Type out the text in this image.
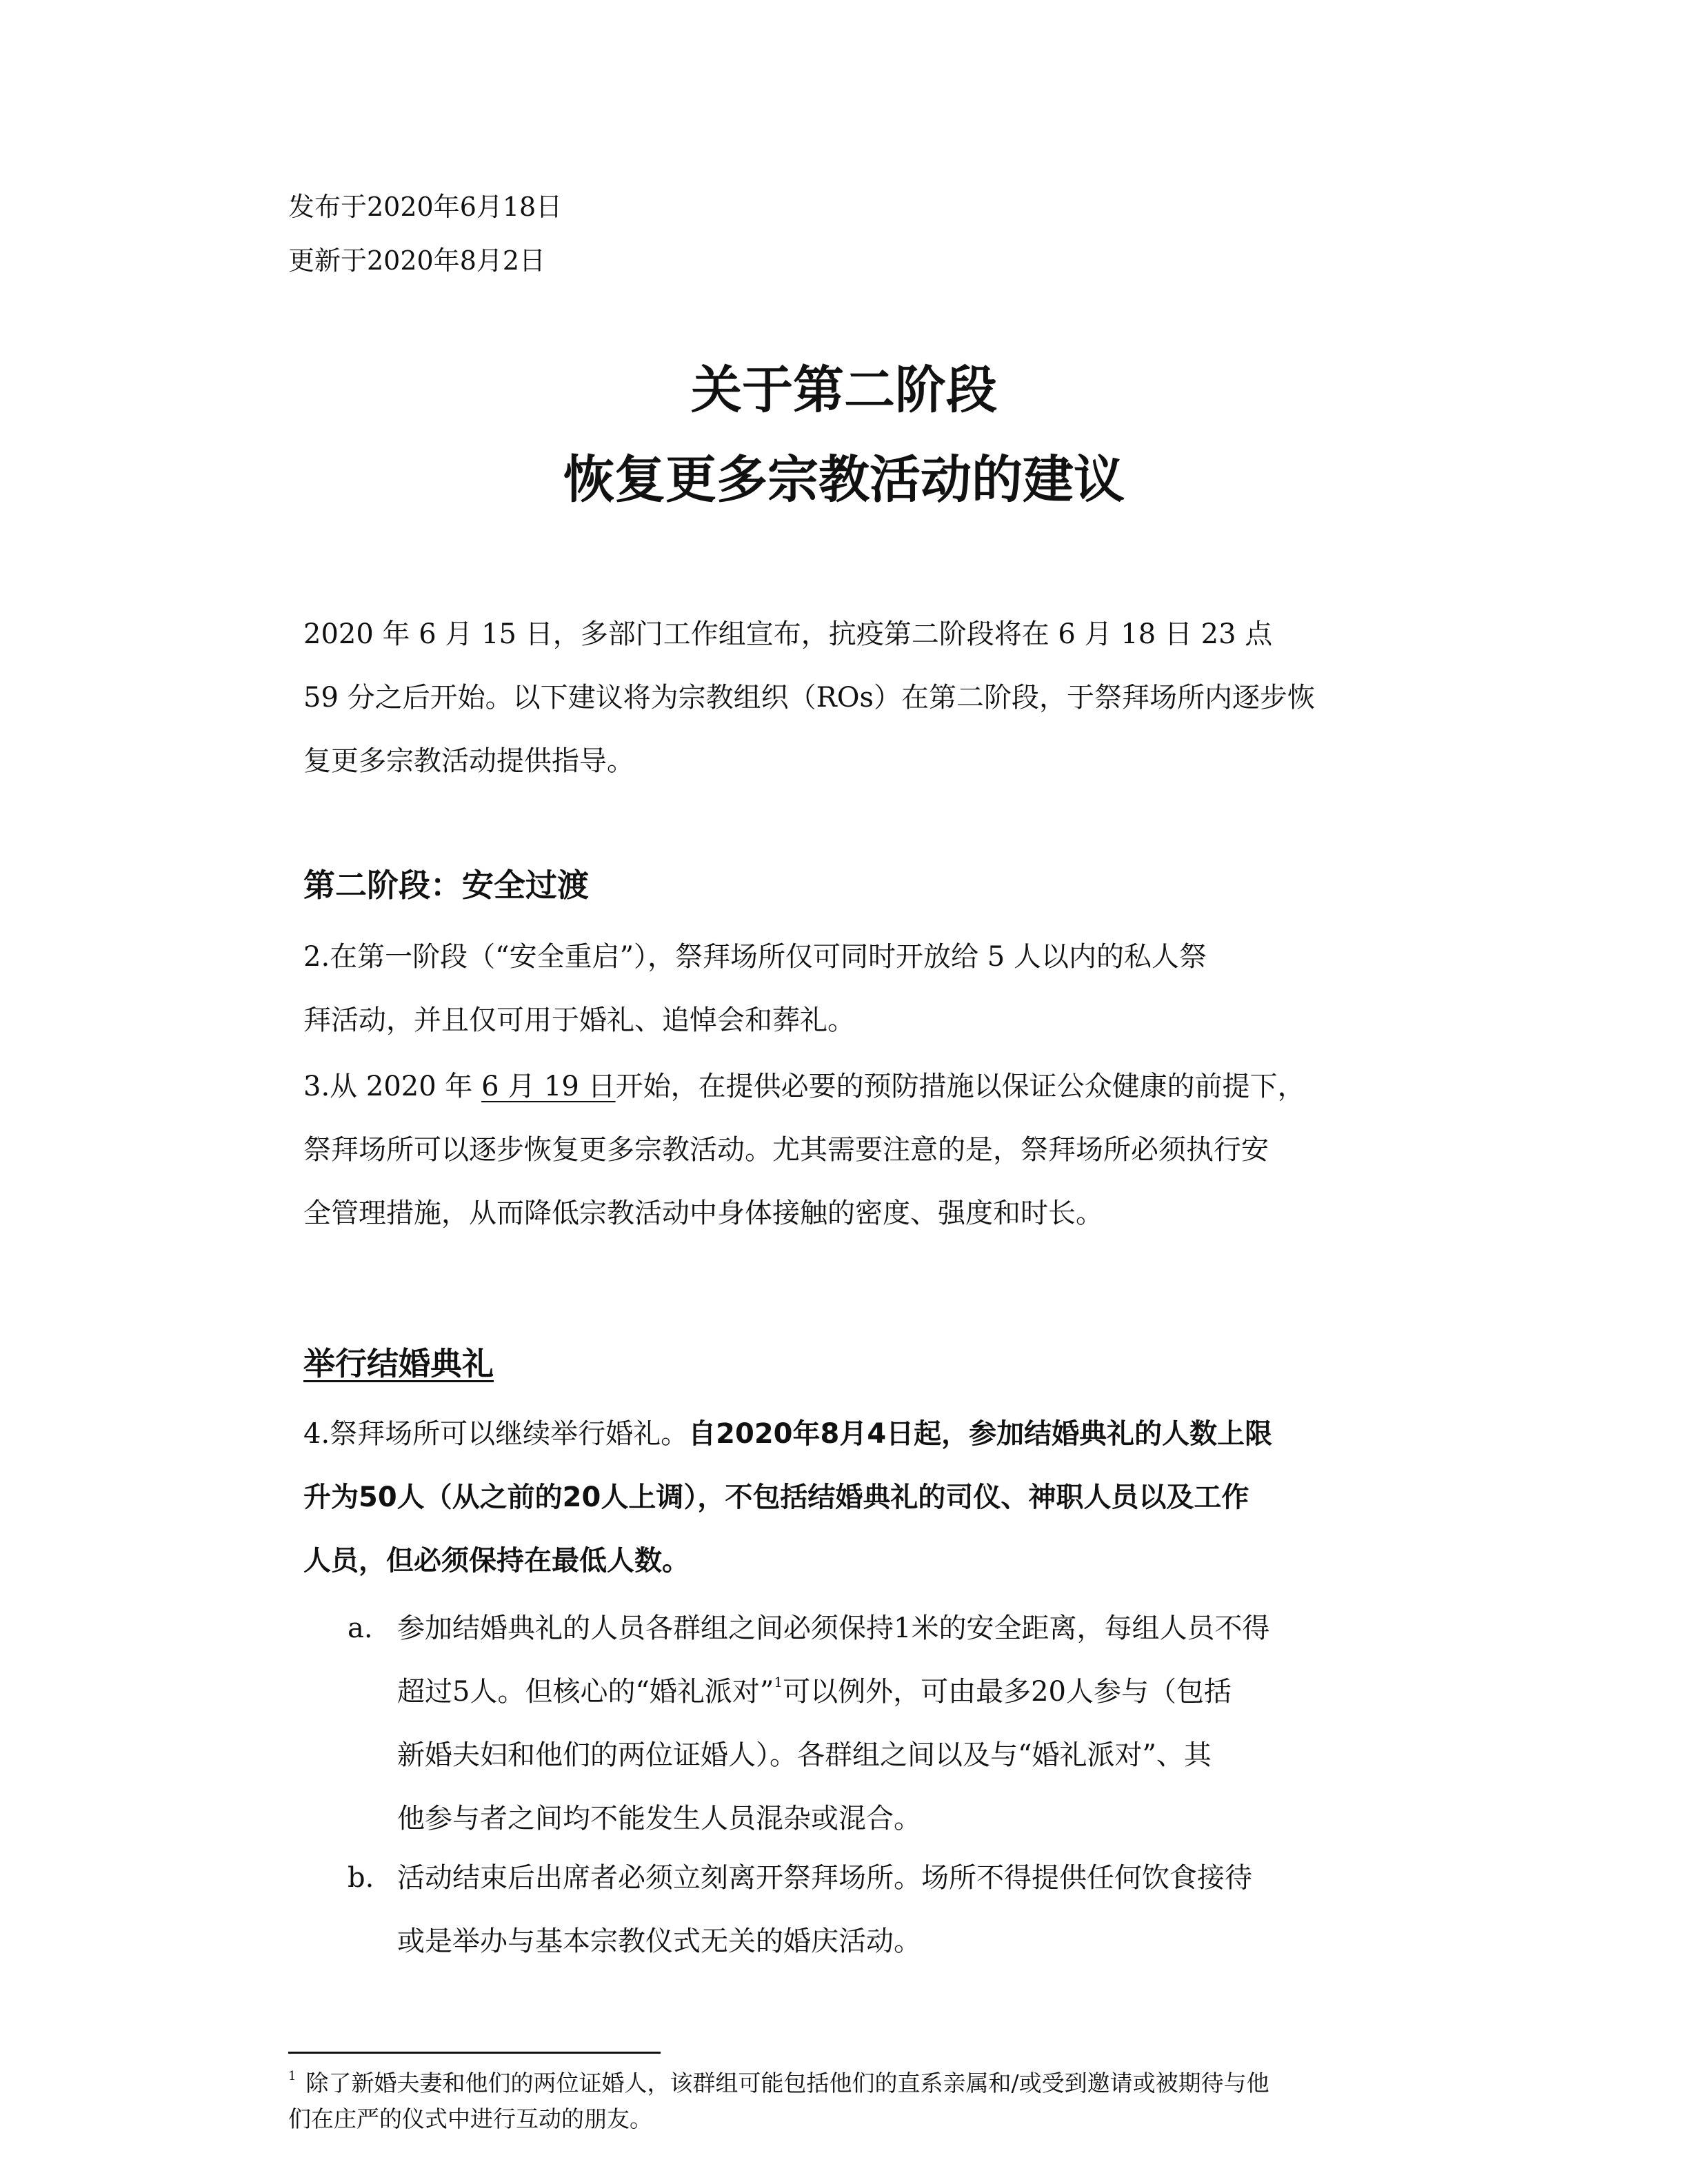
发布于2020年6月18日
更新于2020年8月2日
关于第二阶段
恢复更多宗教活动的建议
2020 年 6 月 15 日，多部门工作组宣布，抗疫第二阶段将在 6 月 18 日 23 点
59 分之后开始。以下建议将为宗教组织（ROs）在第二阶段，于祭拜场所内逐步恢
复更多宗教活动提供指导。
第二阶段：安全过渡
2.在第一阶段（“安全重启”），祭拜场所仅可同时开放给 5 人以内的私人祭
拜活动，并且仅可用于婚礼、追悼会和葬礼。
3.从 2020 年 6 月 19 日开始，在提供必要的预防措施以保证公众健康的前提下，
祭拜场所可以逐步恢复更多宗教活动。尤其需要注意的是，祭拜场所必须执行安
全管理措施，从而降低宗教活动中身体接触的密度、强度和时长。
举行结婚典礼
4.祭拜场所可以继续举行婚礼。自2020年8月4日起，参加结婚典礼的人数上限
升为50人（从之前的20人上调），不包括结婚典礼的司仪、神职人员以及工作
人员，但必须保持在最低人数。
a. 参加结婚典礼的人员各群组之间必须保持1米的安全距离，每组人员不得
超过5人。但核心的“婚礼派对”$^1$可以例外，可由最多20人参与（包括
新婚夫妇和他们的两位证婚人）。各群组之间以及与“婚礼派对”、其
他参与者之间均不能发生人员混杂或混合。
b. 活动结束后出席者必须立刻离开祭拜场所。场所不得提供任何饮食接待
或是举办与基本宗教仪式无关的婚庆活动。
$^1$ 除了新婚夫妻和他们的两位证婚人，该群组可能包括他们的直系亲属和/或受到邀请或被期待与他
们在庄严的仪式中进行互动的朋友。
